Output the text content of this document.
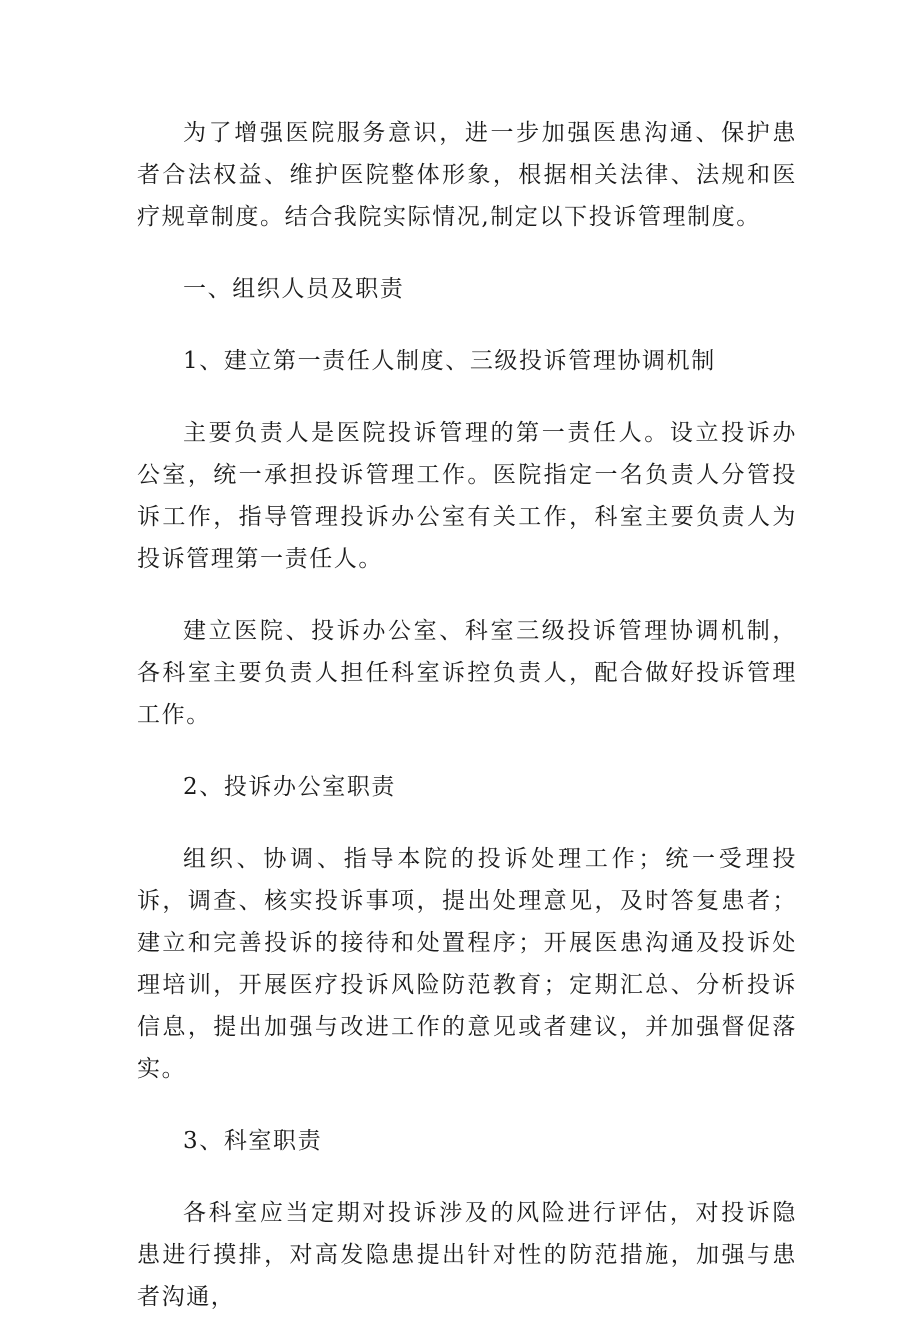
为了增强医院服务意识，进一步加强医患沟通、保护患者合法权益、维护医院整体形象，根据相关法律、法规和医疗规章制度。结合我院实际情况,制定以下投诉管理制度。

一、组织人员及职责

1、建立第一责任人制度、三级投诉管理协调机制

主要负责人是医院投诉管理的第一责任人。设立投诉办公室，统一承担投诉管理工作。医院指定一名负责人分管投诉工作，指导管理投诉办公室有关工作，科室主要负责人为投诉管理第一责任人。

建立医院、投诉办公室、科室三级投诉管理协调机制，各科室主要负责人担任科室诉控负责人，配合做好投诉管理工作。

2、投诉办公室职责

组织、协调、指导本院的投诉处理工作；统一受理投诉，调查、核实投诉事项，提出处理意见，及时答复患者；建立和完善投诉的接待和处置程序；开展医患沟通及投诉处理培训，开展医疗投诉风险防范教育；定期汇总、分析投诉信息，提出加强与改进工作的意见或者建议，并加强督促落实。

3、科室职责

各科室应当定期对投诉涉及的风险进行评估，对投诉隐患进行摸排，对高发隐患提出针对性的防范措施，加强与患者沟通，
